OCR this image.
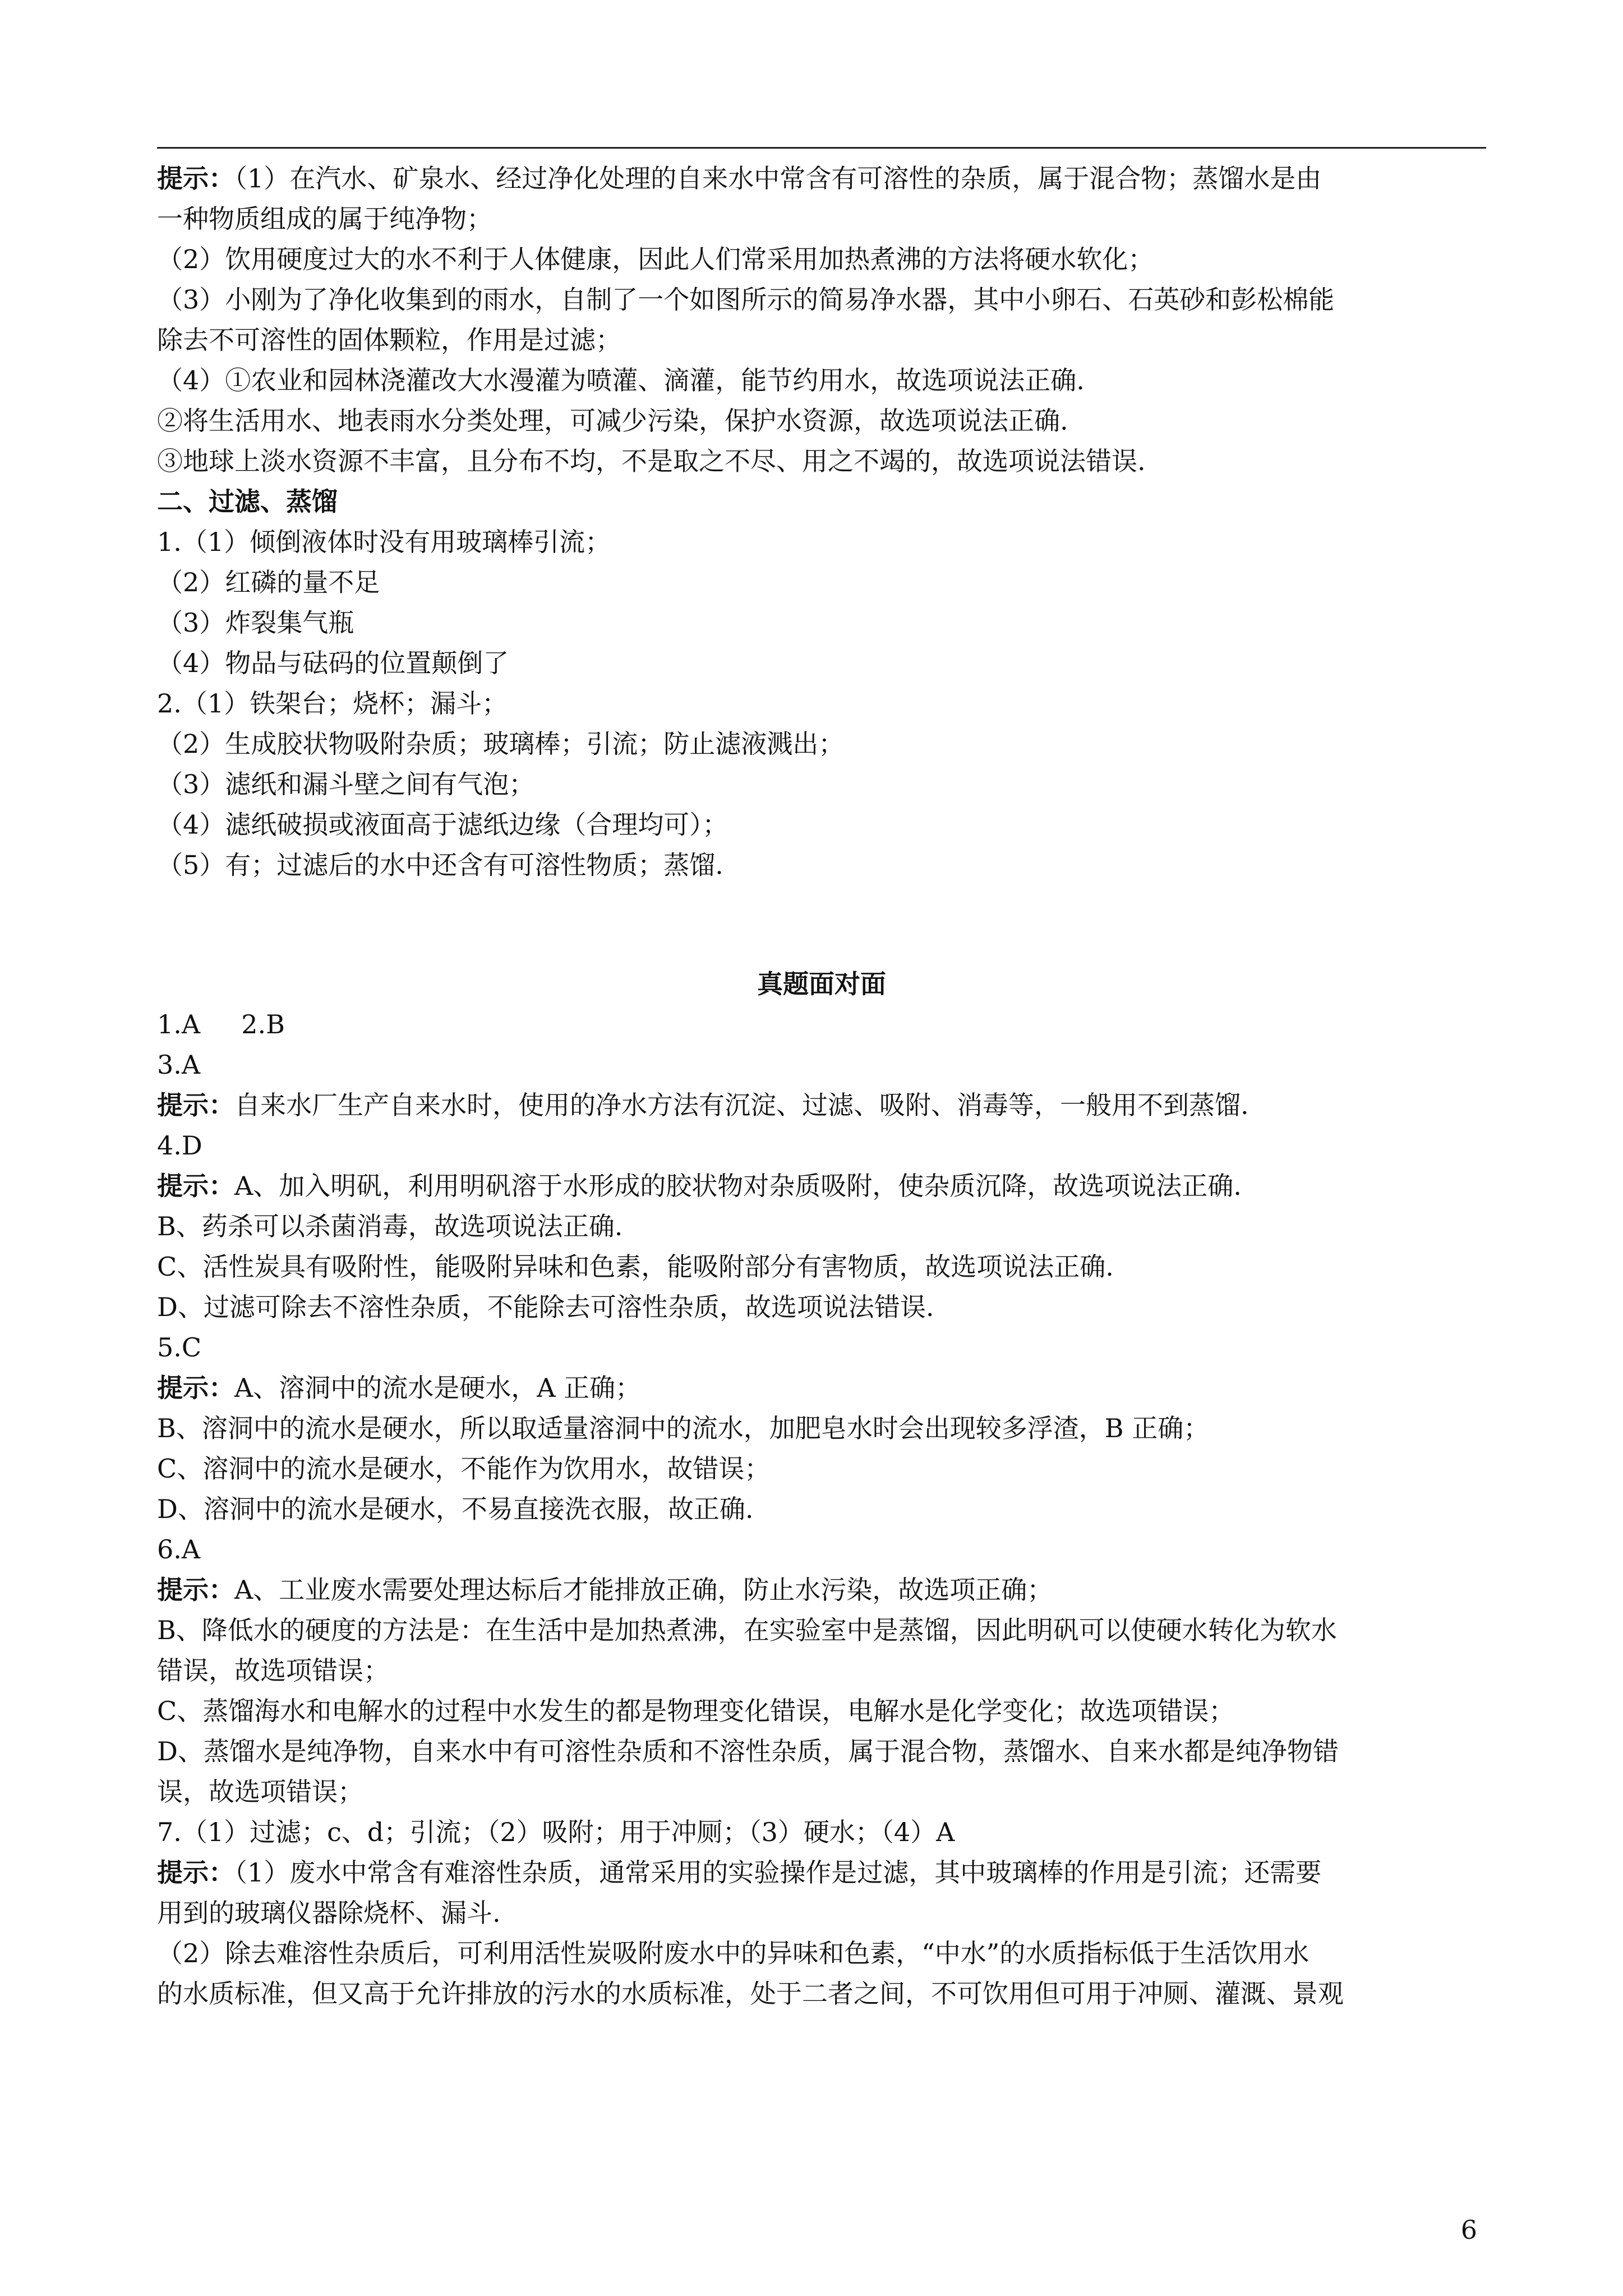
提示：（1）在汽水、矿泉水、经过净化处理的自来水中常含有可溶性的杂质，属于混合物；蒸馏水是由
一种物质组成的属于纯净物；
（2）饮用硬度过大的水不利于人体健康，因此人们常采用加热煮沸的方法将硬水软化；
（3）小刚为了净化收集到的雨水，自制了一个如图所示的简易净水器，其中小卵石、石英砂和彭松棉能
除去不可溶性的固体颗粒，作用是过滤；
（4）①农业和园林浇灌改大水漫灌为喷灌、滴灌，能节约用水，故选项说法正确.
②将生活用水、地表雨水分类处理，可减少污染，保护水资源，故选项说法正确.
③地球上淡水资源不丰富，且分布不均，不是取之不尽、用之不竭的，故选项说法错误.
二、过滤、蒸馏
1.（1）倾倒液体时没有用玻璃棒引流；
（2）红磷的量不足
（3）炸裂集气瓶
（4）物品与砝码的位置颠倒了
2.（1）铁架台；烧杯；漏斗；
（2）生成胶状物吸附杂质；玻璃棒；引流；防止滤液溅出；
（3）滤纸和漏斗壁之间有气泡；
（4）滤纸破损或液面高于滤纸边缘（合理均可）；
（5）有；过滤后的水中还含有可溶性物质；蒸馏.
真题面对面
1.A     2.B
3.A
提示：自来水厂生产自来水时，使用的净水方法有沉淀、过滤、吸附、消毒等，一般用不到蒸馏.
4.D
提示：A、加入明矾，利用明矾溶于水形成的胶状物对杂质吸附，使杂质沉降，故选项说法正确.
B、药杀可以杀菌消毒，故选项说法正确.
C、活性炭具有吸附性，能吸附异味和色素，能吸附部分有害物质，故选项说法正确.
D、过滤可除去不溶性杂质，不能除去可溶性杂质，故选项说法错误.
5.C
提示：A、溶洞中的流水是硬水，A 正确；
B、溶洞中的流水是硬水，所以取适量溶洞中的流水，加肥皂水时会出现较多浮渣，B 正确；
C、溶洞中的流水是硬水，不能作为饮用水，故错误；
D、溶洞中的流水是硬水，不易直接洗衣服，故正确.
6.A
提示：A、工业废水需要处理达标后才能排放正确，防止水污染，故选项正确；
B、降低水的硬度的方法是：在生活中是加热煮沸，在实验室中是蒸馏，因此明矾可以使硬水转化为软水
错误，故选项错误；
C、蒸馏海水和电解水的过程中水发生的都是物理变化错误，电解水是化学变化；故选项错误；
D、蒸馏水是纯净物，自来水中有可溶性杂质和不溶性杂质，属于混合物，蒸馏水、自来水都是纯净物错
误，故选项错误；
7.（1）过滤；c、d；引流；（2）吸附；用于冲厕；（3）硬水；（4）A
提示：（1）废水中常含有难溶性杂质，通常采用的实验操作是过滤，其中玻璃棒的作用是引流；还需要
用到的玻璃仪器除烧杯、漏斗.
（2）除去难溶性杂质后，可利用活性炭吸附废水中的异味和色素，“中水”的水质指标低于生活饮用水
的水质标准，但又高于允许排放的污水的水质标准，处于二者之间，不可饮用但可用于冲厕、灌溉、景观
6
